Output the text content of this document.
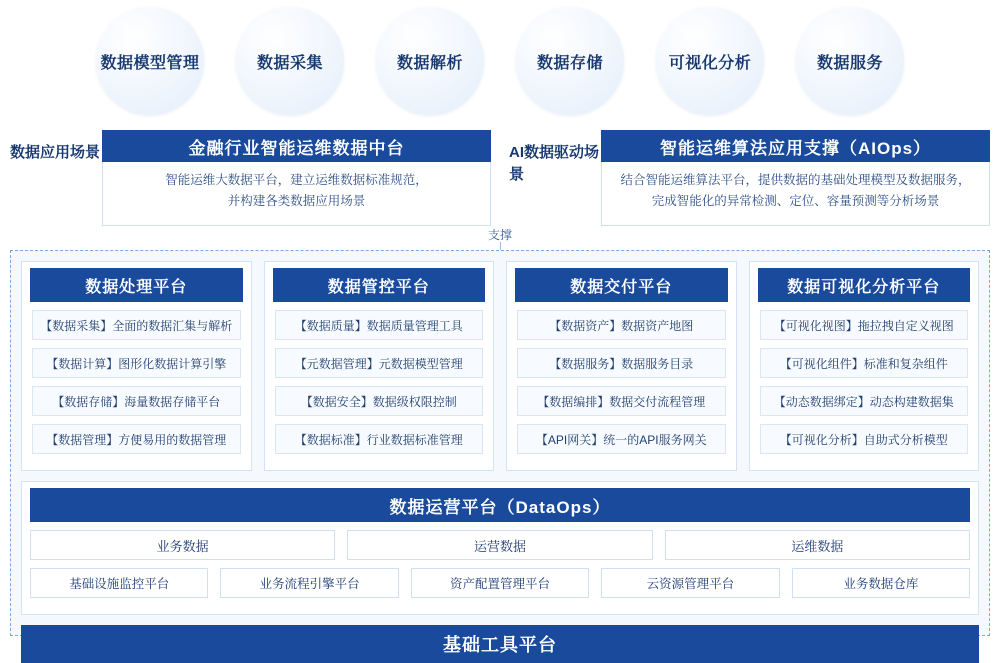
数据模型管理	数据采集	数据解析	数据存储	可视化分析	数据服务
数据应用场景	金融行业智能运维数据中台
智能运维大数据平台，建立运维数据标准规范，
并构建各类数据应用场景
AI数据驱动场景
智能运维算法应用支撑（AIOps）
结合智能运维算法平台，提供数据的基础处理模型及数据服务，
完成智能化的异常检测、定位、容量预测等分析场景
支撑
数据处理平台
【数据采集】全面的数据汇集与解析
【数据计算】图形化数据计算引擎
【数据存储】海量数据存储平台
【数据管理】方便易用的数据管理
数据管控平台
【数据质量】数据质量管理工具
【元数据管理】元数据模型管理
【数据安全】数据级权限控制
【数据标准】行业数据标准管理
数据交付平台
【数据资产】数据资产地图
【数据服务】数据服务目录
【数据编排】数据交付流程管理
【API网关】统一的API服务网关
数据可视化分析平台
【可视化视图】拖拉拽自定义视图
【可视化组件】标准和复杂组件
【动态数据绑定】动态构建数据集
【可视化分析】自助式分析模型
数据运营平台（DataOps）
业务数据	运营数据	运维数据
基础设施监控平台	业务流程引擎平台	资产配置管理平台	云资源管理平台	业务数据仓库
基础工具平台
